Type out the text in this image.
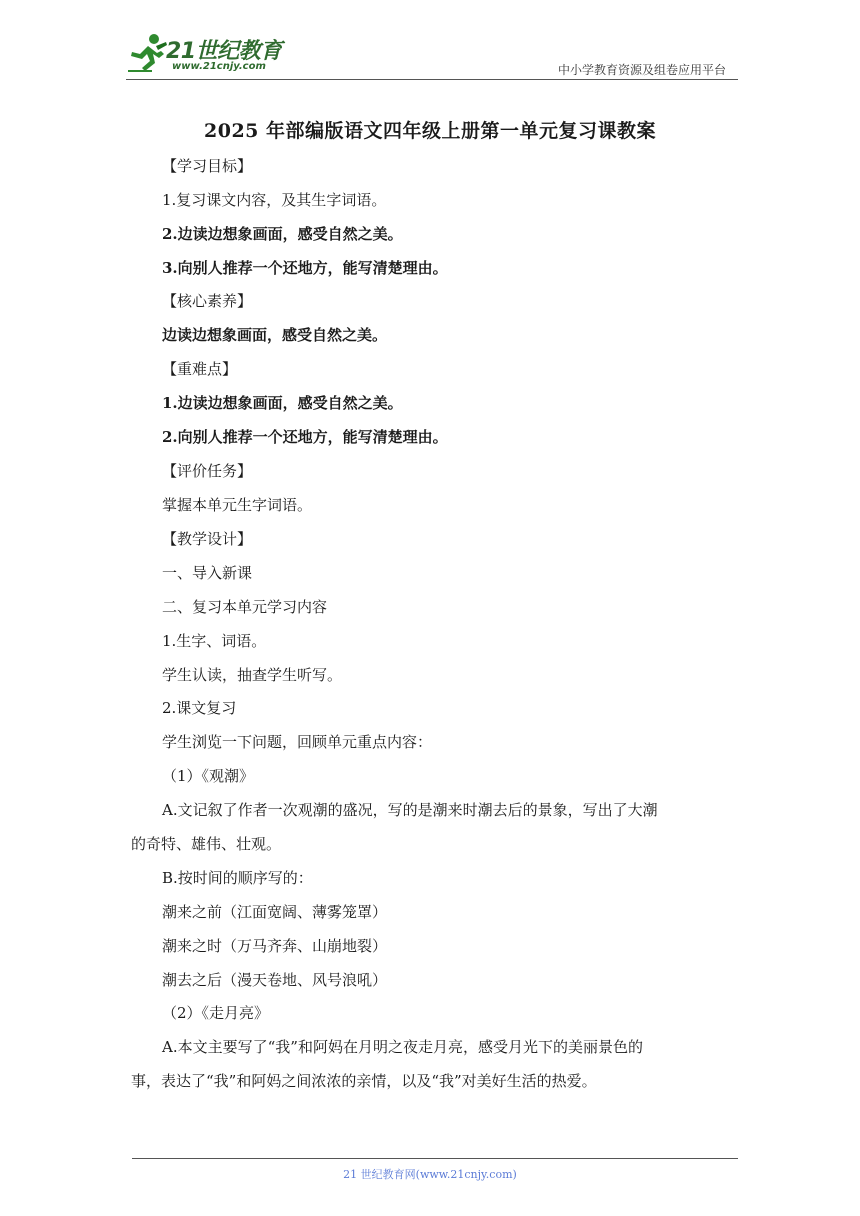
21世纪教育
www.21cnjy.com	中小学教育资源及组卷应用平台
2025 年部编版语文四年级上册第一单元复习课教案
【学习目标】
1.复习课文内容，及其生字词语。
2.边读边想象画面，感受自然之美。
3.向别人推荐一个还地方，能写清楚理由。
【核心素养】
边读边想象画面，感受自然之美。
【重难点】
1.边读边想象画面，感受自然之美。
2.向别人推荐一个还地方，能写清楚理由。
【评价任务】
掌握本单元生字词语。
【教学设计】
一、导入新课
二、复习本单元学习内容
1.生字、词语。
学生认读，抽查学生听写。
2.课文复习
学生浏览一下问题，回顾单元重点内容：
（1）《观潮》
A.文记叙了作者一次观潮的盛况，写的是潮来时潮去后的景象，写出了大潮
的奇特、雄伟、壮观。
B.按时间的顺序写的：
潮来之前（江面宽阔、薄雾笼罩）
潮来之时（万马齐奔、山崩地裂）
潮去之后（漫天卷地、风号浪吼）
（2）《走月亮》
A.本文主要写了“我”和阿妈在月明之夜走月亮，感受月光下的美丽景色的
事，表达了“我”和阿妈之间浓浓的亲情，以及“我”对美好生活的热爱。
21 世纪教育网(www.21cnjy.com)
